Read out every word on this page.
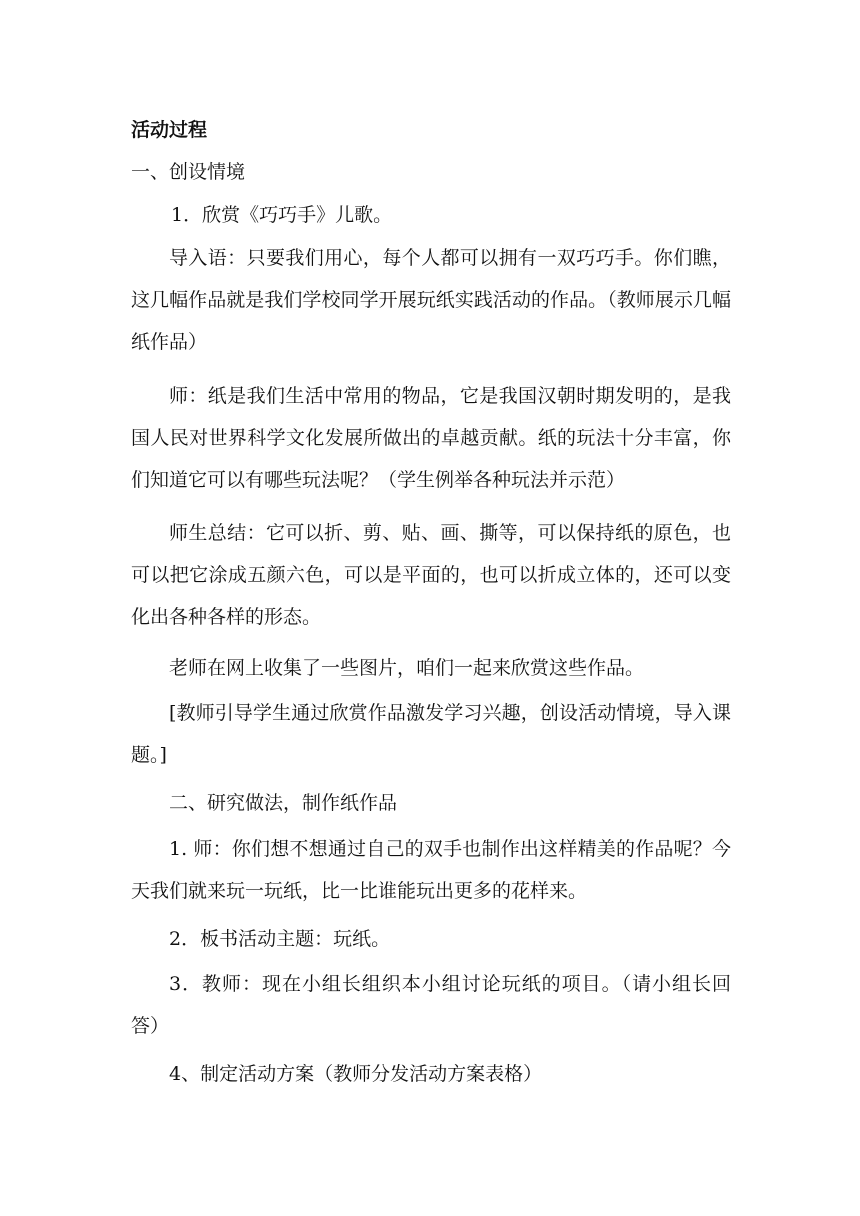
活动过程
一、创设情境
1．欣赏《巧巧手》儿歌。
导入语：只要我们用心，每个人都可以拥有一双巧巧手。你们瞧，这几幅作品就是我们学校同学开展玩纸实践活动的作品。（教师展示几幅纸作品）
师：纸是我们生活中常用的物品，它是我国汉朝时期发明的，是我国人民对世界科学文化发展所做出的卓越贡献。纸的玩法十分丰富，你们知道它可以有哪些玩法呢？（学生例举各种玩法并示范）
师生总结：它可以折、剪、贴、画、撕等，可以保持纸的原色，也可以把它涂成五颜六色，可以是平面的，也可以折成立体的，还可以变化出各种各样的形态。
老师在网上收集了一些图片，咱们一起来欣赏这些作品。
[教师引导学生通过欣赏作品激发学习兴趣，创设活动情境，导入课题。]
二、研究做法，制作纸作品
1. 师：你们想不想通过自己的双手也制作出这样精美的作品呢？今天我们就来玩一玩纸，比一比谁能玩出更多的花样来。
2．板书活动主题：玩纸。
3．教师：现在小组长组织本小组讨论玩纸的项目。（请小组长回答）
4、制定活动方案（教师分发活动方案表格）
